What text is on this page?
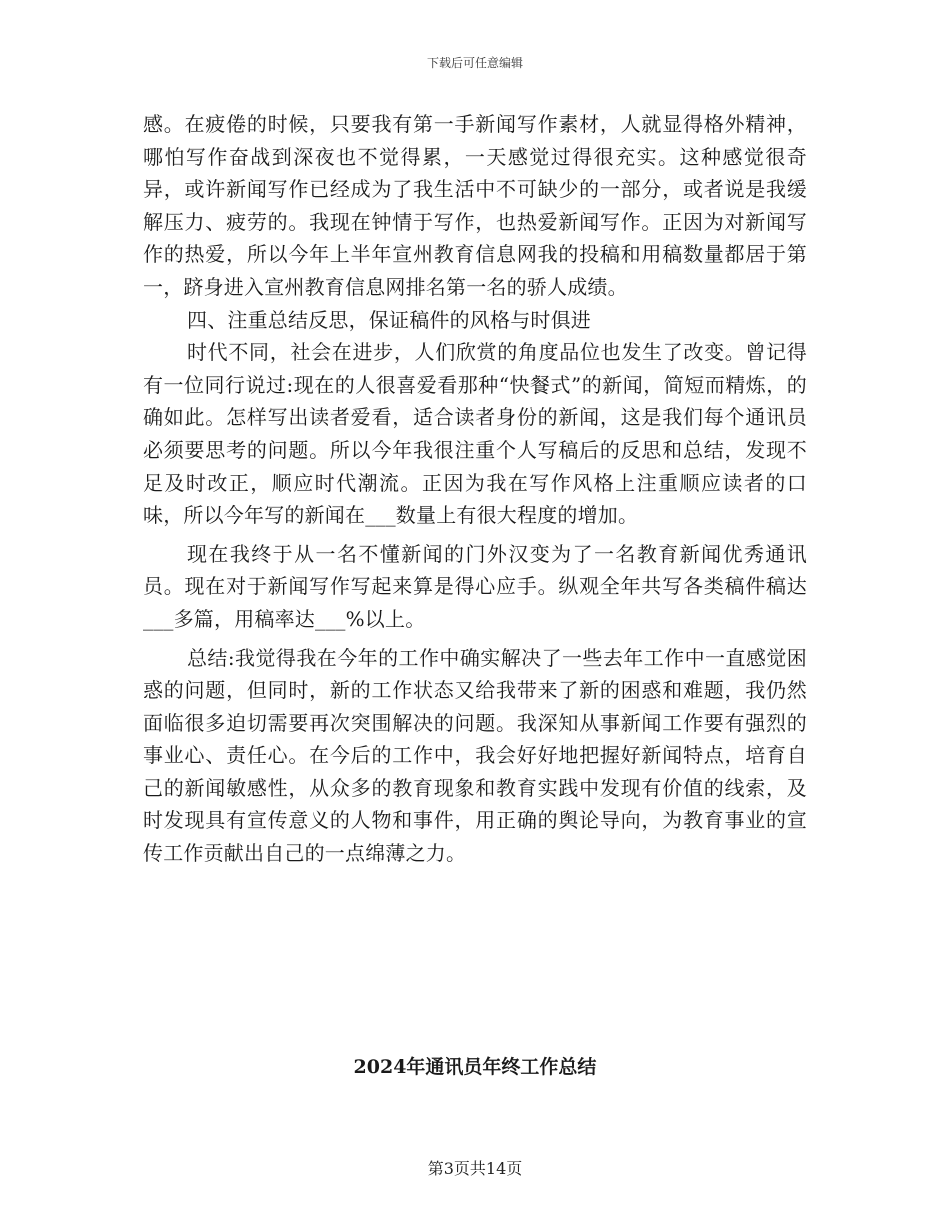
下载后可任意编辑

感。在疲倦的时候，只要我有第一手新闻写作素材，人就显得格外精神，哪怕写作奋战到深夜也不觉得累，一天感觉过得很充实。这种感觉很奇异，或许新闻写作已经成为了我生活中不可缺少的一部分，或者说是我缓解压力、疲劳的。我现在钟情于写作，也热爱新闻写作。正因为对新闻写作的热爱，所以今年上半年宣州教育信息网我的投稿和用稿数量都居于第一，跻身进入宣州教育信息网排名第一名的骄人成绩。

四、注重总结反思，保证稿件的风格与时俱进

时代不同，社会在进步，人们欣赏的角度品位也发生了改变。曾记得有一位同行说过:现在的人很喜爱看那种“快餐式”的新闻，简短而精炼，的确如此。怎样写出读者爱看，适合读者身份的新闻，这是我们每个通讯员必须要思考的问题。所以今年我很注重个人写稿后的反思和总结，发现不足及时改正，顺应时代潮流。正因为我在写作风格上注重顺应读者的口味，所以今年写的新闻在___数量上有很大程度的增加。

现在我终于从一名不懂新闻的门外汉变为了一名教育新闻优秀通讯员。现在对于新闻写作写起来算是得心应手。纵观全年共写各类稿件稿达___多篇，用稿率达___%以上。

总结:我觉得我在今年的工作中确实解决了一些去年工作中一直感觉困惑的问题，但同时，新的工作状态又给我带来了新的困惑和难题，我仍然面临很多迫切需要再次突围解决的问题。我深知从事新闻工作要有强烈的事业心、责任心。在今后的工作中，我会好好地把握好新闻特点，培育自己的新闻敏感性，从众多的教育现象和教育实践中发现有价值的线索，及时发现具有宣传意义的人物和事件，用正确的舆论导向，为教育事业的宣传工作贡献出自己的一点绵薄之力。

2024年通讯员年终工作总结
第3页共14页
